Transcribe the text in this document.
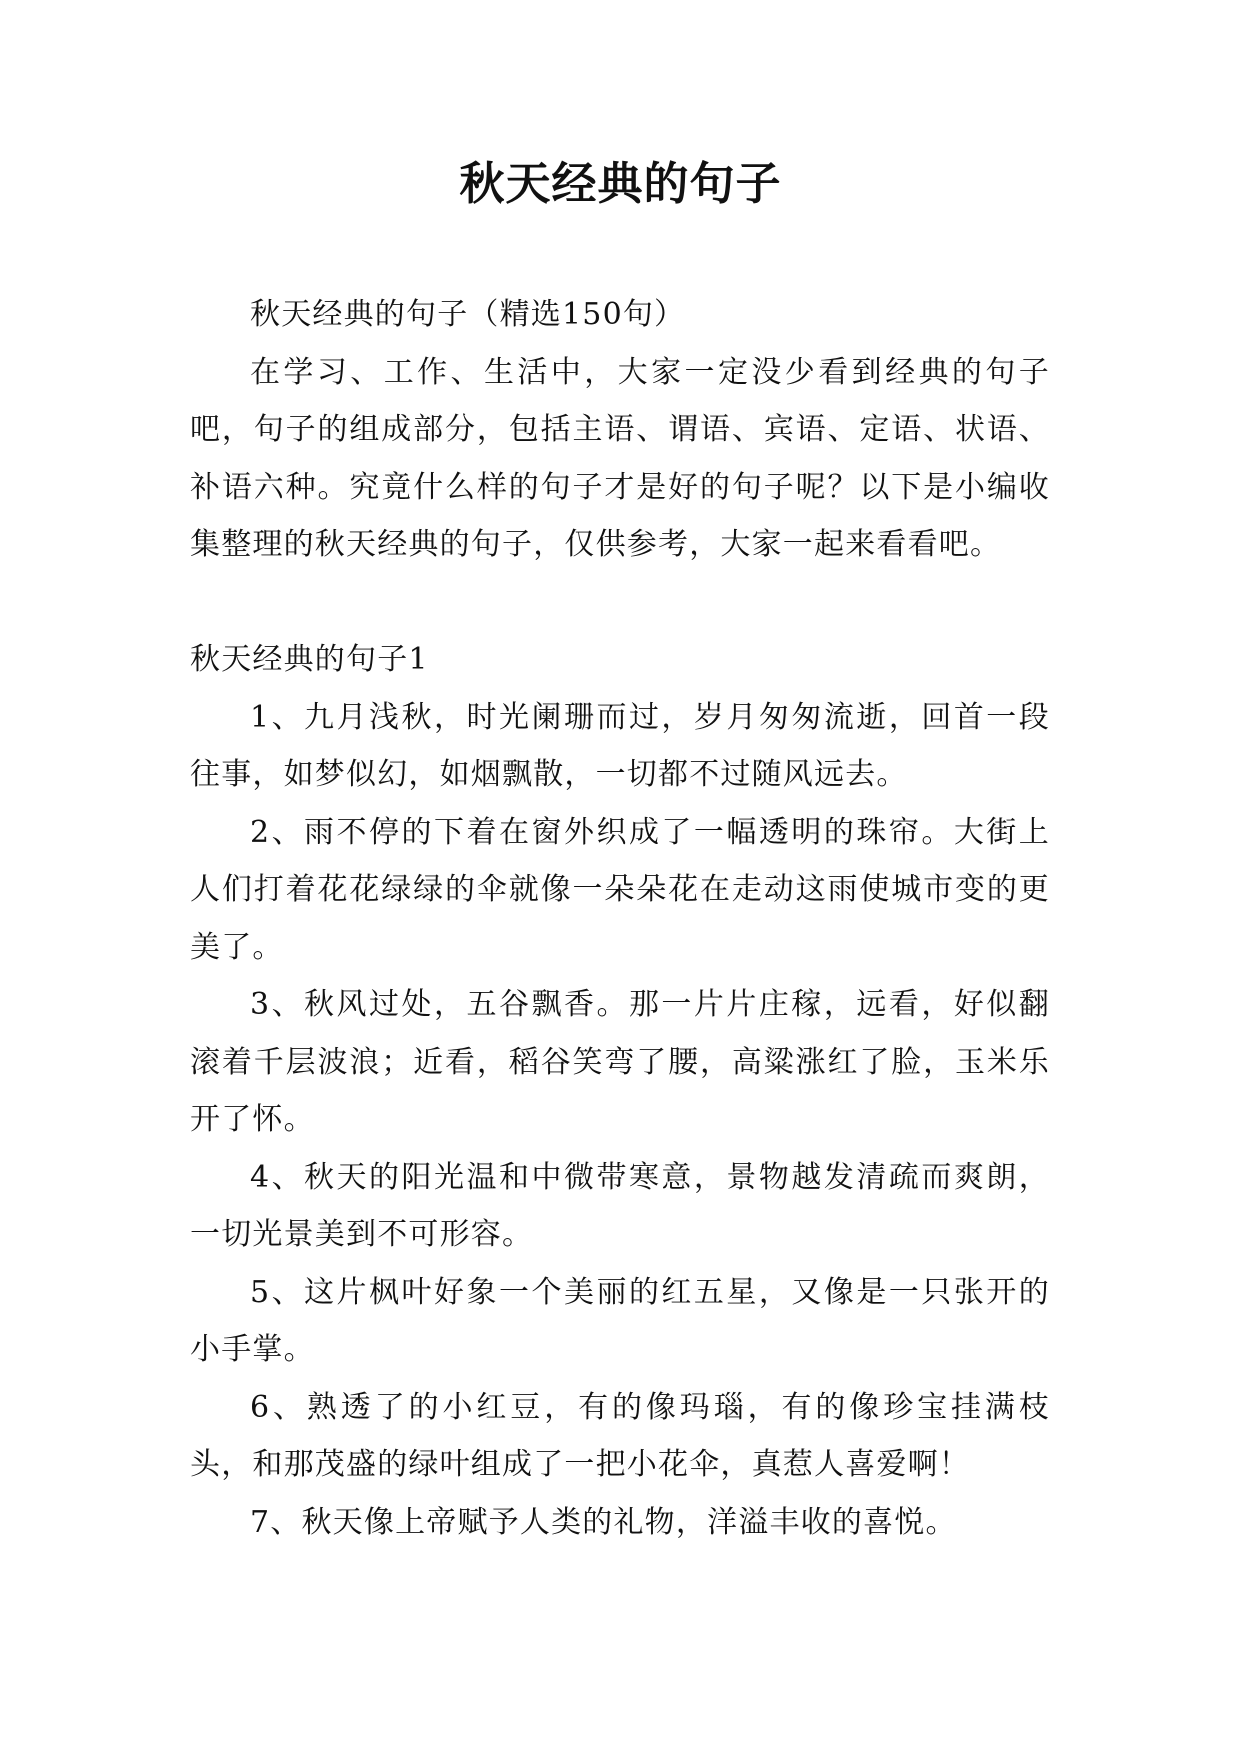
秋天经典的句子

秋天经典的句子（精选150句）

在学习、工作、生活中，大家一定没少看到经典的句子吧，句子的组成部分，包括主语、谓语、宾语、定语、状语、补语六种。究竟什么样的句子才是好的句子呢？以下是小编收集整理的秋天经典的句子，仅供参考，大家一起来看看吧。

秋天经典的句子1

1、九月浅秋，时光阑珊而过，岁月匆匆流逝，回首一段往事，如梦似幻，如烟飘散，一切都不过随风远去。

2、雨不停的下着在窗外织成了一幅透明的珠帘。大街上人们打着花花绿绿的伞就像一朵朵花在走动这雨使城市变的更美了。

3、秋风过处，五谷飘香。那一片片庄稼，远看，好似翻滚着千层波浪；近看，稻谷笑弯了腰，高粱涨红了脸，玉米乐开了怀。

4、秋天的阳光温和中微带寒意，景物越发清疏而爽朗，一切光景美到不可形容。

5、这片枫叶好象一个美丽的红五星，又像是一只张开的小手掌。

6、熟透了的小红豆，有的像玛瑙，有的像珍宝挂满枝头，和那茂盛的绿叶组成了一把小花伞，真惹人喜爱啊！

7、秋天像上帝赋予人类的礼物，洋溢丰收的喜悦。
